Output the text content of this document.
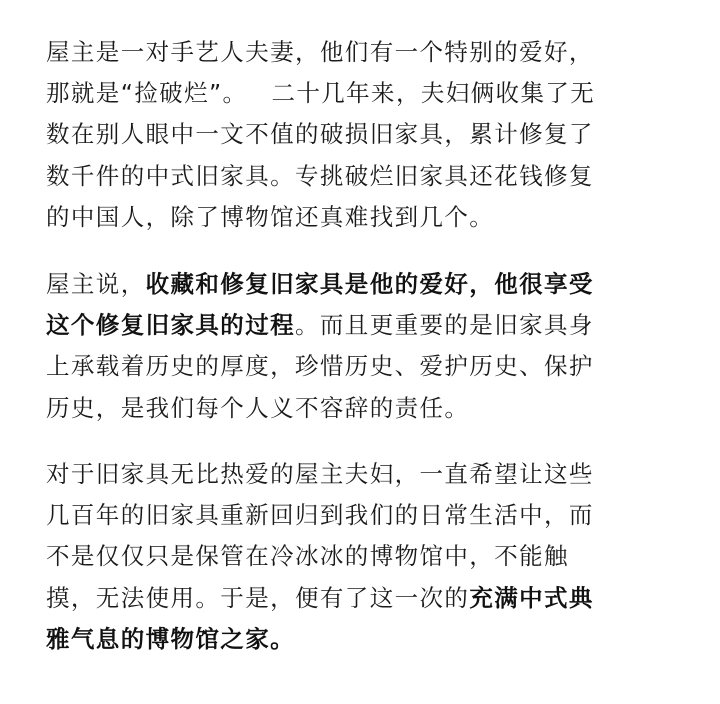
屋主是一对手艺人夫妻，他们有一个特别的爱好，
那就是“捡破烂”。 二十几年来，夫妇俩收集了无
数在别人眼中一文不值的破损旧家具，累计修复了
数千件的中式旧家具。专挑破烂旧家具还花钱修复
的中国人，除了博物馆还真难找到几个。

屋主说，收藏和修复旧家具是他的爱好，他很享受
这个修复旧家具的过程。而且更重要的是旧家具身
上承载着历史的厚度，珍惜历史、爱护历史、保护
历史，是我们每个人义不容辞的责任。

对于旧家具无比热爱的屋主夫妇，一直希望让这些
几百年的旧家具重新回归到我们的日常生活中，而
不是仅仅只是保管在冷冰冰的博物馆中，不能触
摸，无法使用。于是，便有了这一次的充满中式典
雅气息的博物馆之家。
